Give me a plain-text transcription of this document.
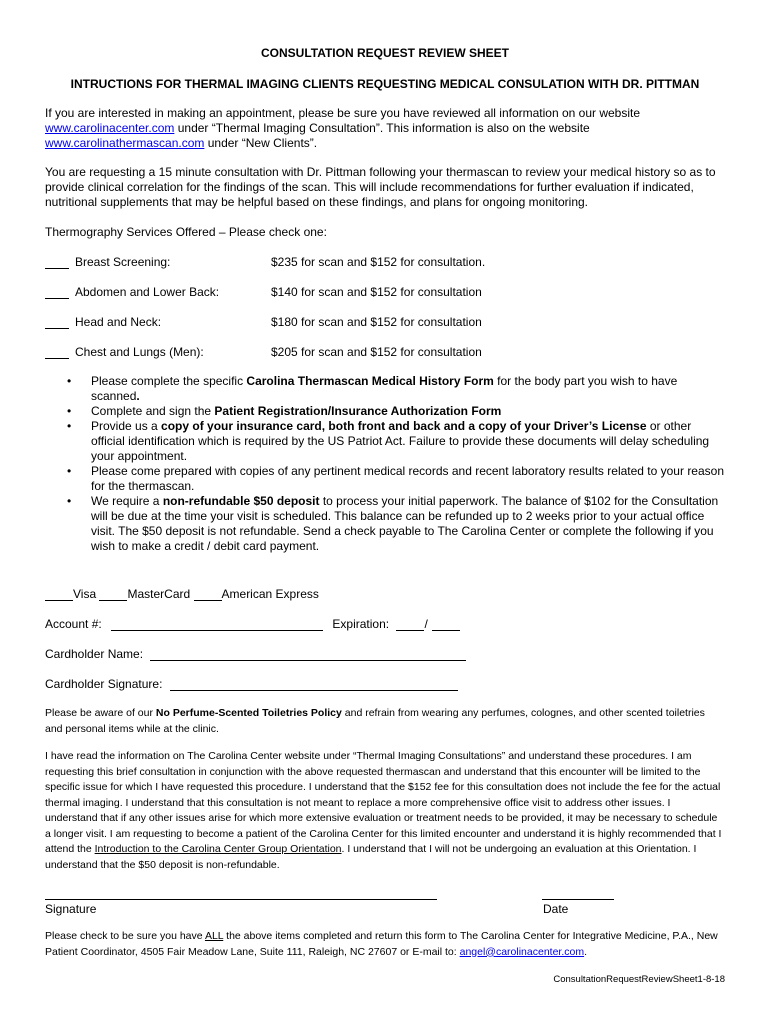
CONSULTATION REQUEST REVIEW SHEET
INTRUCTIONS FOR THERMAL IMAGING CLIENTS REQUESTING MEDICAL CONSULATION WITH DR. PITTMAN
If you are interested in making an appointment, please be sure you have reviewed all information on our website
www.carolinacenter.com under “Thermal Imaging Consultation”. This information is also on the website
www.carolinathermascan.com under “New Clients”.
You are requesting a 15 minute consultation with Dr. Pittman following your thermascan to review your medical history so as to provide clinical correlation for the findings of the scan. This will include recommendations for further evaluation if indicated, nutritional supplements that may be helpful based on these findings, and plans for ongoing monitoring.
Thermography Services Offered – Please check one:
Breast Screening:	$235 for scan and $152 for consultation.
Abdomen and Lower Back:	$140 for scan and $152 for consultation
Head and Neck:	$180 for scan and $152 for consultation
Chest and Lungs (Men):	$205 for scan and $152 for consultation
• Please complete the specific Carolina Thermascan Medical History Form for the body part you wish to have scanned.
• Complete and sign the Patient Registration/Insurance Authorization Form
• Provide us a copy of your insurance card, both front and back and a copy of your Driver’s License or other official identification which is required by the US Patriot Act. Failure to provide these documents will delay scheduling your appointment.
• Please come prepared with copies of any pertinent medical records and recent laboratory results related to your reason for the thermascan.
• We require a non-refundable $50 deposit to process your initial paperwork. The balance of $102 for the Consultation will be due at the time your visit is scheduled. This balance can be refunded up to 2 weeks prior to your actual office visit. The $50 deposit is not refundable. Send a check payable to The Carolina Center or complete the following if you wish to make a credit / debit card payment.
Visa	MasterCard	American Express
Account #:	Expiration:	/
Cardholder Name:
Cardholder Signature:
Please be aware of our No Perfume-Scented Toiletries Policy and refrain from wearing any perfumes, colognes, and other scented toiletries and personal items while at the clinic.
I have read the information on The Carolina Center website under “Thermal Imaging Consultations” and understand these procedures. I am requesting this brief consultation in conjunction with the above requested thermascan and understand that this encounter will be limited to the specific issue for which I have requested this procedure. I understand that the $152 fee for this consultation does not include the fee for the actual thermal imaging. I understand that this consultation is not meant to replace a more comprehensive office visit to address other issues. I understand that if any other issues arise for which more extensive evaluation or treatment needs to be provided, it may be necessary to schedule a longer visit. I am requesting to become a patient of the Carolina Center for this limited encounter and understand it is highly recommended that I attend the Introduction to the Carolina Center Group Orientation. I understand that I will not be undergoing an evaluation at this Orientation. I understand that the $50 deposit is non-refundable.
Signature	Date
Please check to be sure you have ALL the above items completed and return this form to The Carolina Center for Integrative Medicine, P.A., New Patient Coordinator, 4505 Fair Meadow Lane, Suite 111, Raleigh, NC 27607 or E-mail to: angel@carolinacenter.com.
ConsultationRequestReviewSheet1-8-18
